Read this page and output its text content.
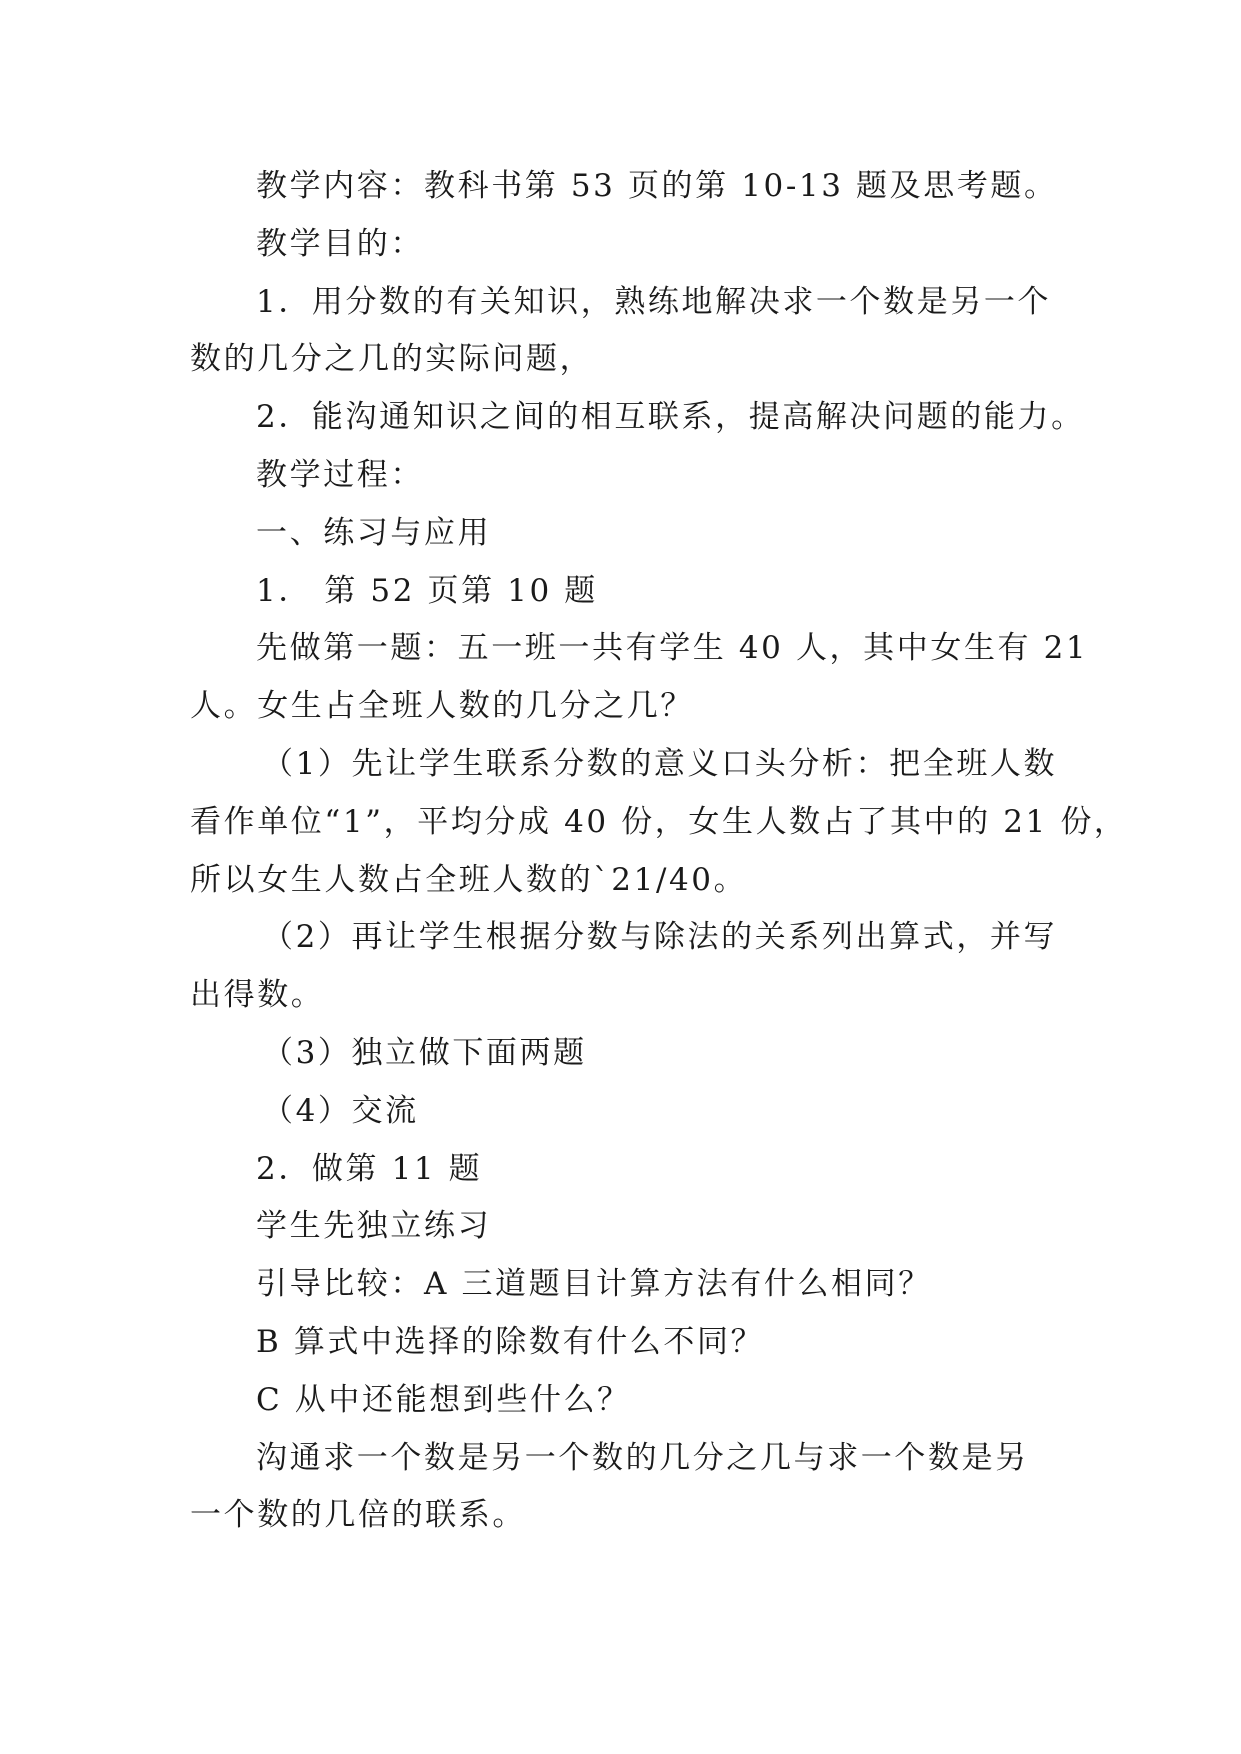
教学内容：教科书第 53 页的第 10-13 题及思考题。
教学目的：
1．用分数的有关知识，熟练地解决求一个数是另一个
数的几分之几的实际问题，
2．能沟通知识之间的相互联系，提高解决问题的能力。
教学过程：
一、练习与应用
1． 第 52 页第 10 题
先做第一题：五一班一共有学生 40 人，其中女生有 21
人。女生占全班人数的几分之几？
（1）先让学生联系分数的意义口头分析：把全班人数
看作单位“1”，平均分成 40 份，女生人数占了其中的 21 份，
所以女生人数占全班人数的`21/40。
（2）再让学生根据分数与除法的关系列出算式，并写
出得数。
（3）独立做下面两题
（4）交流
2．做第 11 题
学生先独立练习
引导比较：A 三道题目计算方法有什么相同？
B 算式中选择的除数有什么不同？
C 从中还能想到些什么？
沟通求一个数是另一个数的几分之几与求一个数是另
一个数的几倍的联系。
